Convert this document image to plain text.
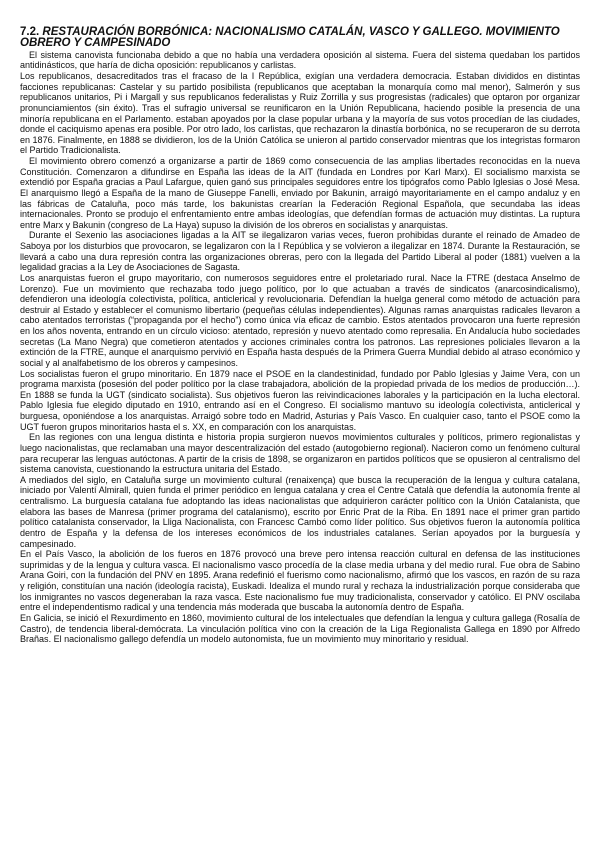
7.2. RESTAURACIÓN BORBÓNICA: NACIONALISMO CATALÁN, VASCO Y GALLEGO. MOVIMIENTO OBRERO Y CAMPESINADO

El sistema canovista funcionaba debido a que no había una verdadera oposición al sistema. Fuera del sistema quedaban los partidos antidinásticos, que haría de dicha oposición: republicanos y carlistas.

Los republicanos, desacreditados tras el fracaso de la I República, exigían una verdadera democracia. Estaban divididos en distintas facciones republicanas: Castelar y su partido posibilista (republicanos que aceptaban la monarquía como mal menor), Salmerón y sus republicanos unitarios, Pi i Margall y sus republicanos federalistas y Ruiz Zorrilla y sus progresistas (radicales) que optaron por organizar pronunciamientos (sin éxito). Tras el sufragio universal se reunificaron en la Unión Republicana, haciendo posible la presencia de una minoría republicana en el Parlamento. estaban apoyados por la clase popular urbana y la mayoría de sus votos procedían de las ciudades, donde el caciquismo apenas era posible. Por otro lado, los carlistas, que rechazaron la dinastía borbónica, no se recuperaron de su derrota en 1876. Finalmente, en 1888 se dividieron, los de la Unión Católica se unieron al partido conservador mientras que los integristas formaron el Partido Tradicionalista.

El movimiento obrero comenzó a organizarse a partir de 1869 como consecuencia de las amplias libertades reconocidas en la nueva Constitución. Comenzaron a difundirse en España las ideas de la AIT (fundada en Londres por Karl Marx). El socialismo marxista se extendió por España gracias a Paul Lafargue, quien ganó sus principales seguidores entre los tipógrafos como Pablo Iglesias o José Mesa. El anarquismo llegó a España de la mano de Giuseppe Fanelli, enviado por Bakunin, arraigó mayoritariamente en el campo andaluz y en las fábricas de Cataluña, poco más tarde, los bakunistas crearían la Federación Regional Española, que secundaba las ideas internacionales. Pronto se produjo el enfrentamiento entre ambas ideologías, que defendían formas de actuación muy distintas. La ruptura entre Marx y Bakunin (congreso de La Haya) supuso la división de los obreros en socialistas y anarquistas.

Durante el Sexenio las asociaciones ligadas a la AIT se ilegalizaron varias veces, fueron prohibidas durante el reinado de Amadeo de Saboya por los disturbios que provocaron, se legalizaron con la I República y se volvieron a ilegalizar en 1874. Durante la Restauración, se llevará a cabo una dura represión contra las organizaciones obreras, pero con la llegada del Partido Liberal al poder (1881) vuelven a la legalidad gracias a la Ley de Asociaciones de Sagasta.

Los anarquistas fueron el grupo mayoritario, con numerosos seguidores entre el proletariado rural. Nace la FTRE (destaca Anselmo de Lorenzo). Fue un movimiento que rechazaba todo juego político, por lo que actuaban a través de sindicatos (anarcosindicalismo), defendieron una ideología colectivista, política, anticlerical y revolucionaria. Defendían la huelga general como método de actuación para destruir al Estado y establecer el comunismo libertario (pequeñas células independientes). Algunas ramas anarquistas radicales llevaron a cabo atentados terroristas (“propaganda por el hecho”) como única vía eficaz de cambio. Estos atentados provocaron una fuerte represión en los años noventa, entrando en un círculo vicioso: atentado, represión y nuevo atentado como represalia. En Andalucía hubo sociedades secretas (La Mano Negra) que cometieron atentados y acciones criminales contra los patronos. Las represiones policiales llevaron a la extinción de la FTRE, aunque el anarquismo pervivió en España hasta después de la Primera Guerra Mundial debido al atraso económico y social y al analfabetismo de los obreros y campesinos.

Los socialistas fueron el grupo minoritario. En 1879 nace el PSOE en la clandestinidad, fundado por Pablo Iglesias y Jaime Vera, con un programa marxista (posesión del poder político por la clase trabajadora, abolición de la propiedad privada de los medios de producción…). En 1888 se funda la UGT (sindicato socialista). Sus objetivos fueron las reivindicaciones laborales y la participación en la lucha electoral. Pablo Iglesia fue elegido diputado en 1910, entrando así en el Congreso. El socialismo mantuvo su ideología colectivista, anticlerical y burguesa, oponiéndose a los anarquistas. Arraigó sobre todo en Madrid, Asturias y País Vasco. En cualquier caso, tanto el PSOE como la UGT fueron grupos minoritarios hasta el s. XX, en comparación con los anarquistas.

En las regiones con una lengua distinta e historia propia surgieron nuevos movimientos culturales y políticos, primero regionalistas y luego nacionalistas, que reclamaban una mayor descentralización del estado (autogobierno regional). Nacieron como un fenómeno cultural para recuperar las lenguas autóctonas. A partir de la crisis de 1898, se organizaron en partidos políticos que se opusieron al centralismo del sistema canovista, cuestionando la estructura unitaria del Estado.

A mediados del siglo, en Cataluña surge un movimiento cultural (renaixença) que busca la recuperación de la lengua y cultura catalana, iniciado por Valentí Almirall, quien funda el primer periódico en lengua catalana y crea el Centre Català que defendía la autonomía frente al centralismo. La burguesía catalana fue adoptando las ideas nacionalistas que adquirieron carácter político con la Unión Catalanista, que elabora las bases de Manresa (primer programa del catalanismo), escrito por Enric Prat de la Riba. En 1891 nace el primer gran partido político catalanista conservador, la Lliga Nacionalista, con Francesc Cambó como líder político. Sus objetivos fueron la autonomía política dentro de España y la defensa de los intereses económicos de los industriales catalanes. Serían apoyados por la burguesía y campesinado.

En el País Vasco, la abolición de los fueros en 1876 provocó una breve pero intensa reacción cultural en defensa de las instituciones suprimidas y de la lengua y cultura vasca. El nacionalismo vasco procedía de la clase media urbana y del medio rural. Fue obra de Sabino Arana Goiri, con la fundación del PNV en 1895. Arana redefinió el fuerismo como nacionalismo, afirmó que los vascos, en razón de su raza y religión, constituían una nación (ideología racista), Euskadi. Idealiza el mundo rural y rechaza la industrialización porque consideraba que los inmigrantes no vascos degeneraban la raza vasca. Este nacionalismo fue muy tradicionalista, conservador y católico. El PNV oscilaba entre el independentismo radical y una tendencia más moderada que buscaba la autonomía dentro de España.

En Galicia, se inició el Rexurdimento en 1860, movimiento cultural de los intelectuales que defendían la lengua y cultura gallega (Rosalía de Castro), de tendencia liberal-demócrata. La vinculación política vino con la creación de la Liga Regionalista Gallega en 1890 por Alfredo Brañas. El nacionalismo gallego defendía un modelo autonomista, fue un movimiento muy minoritario y residual.
